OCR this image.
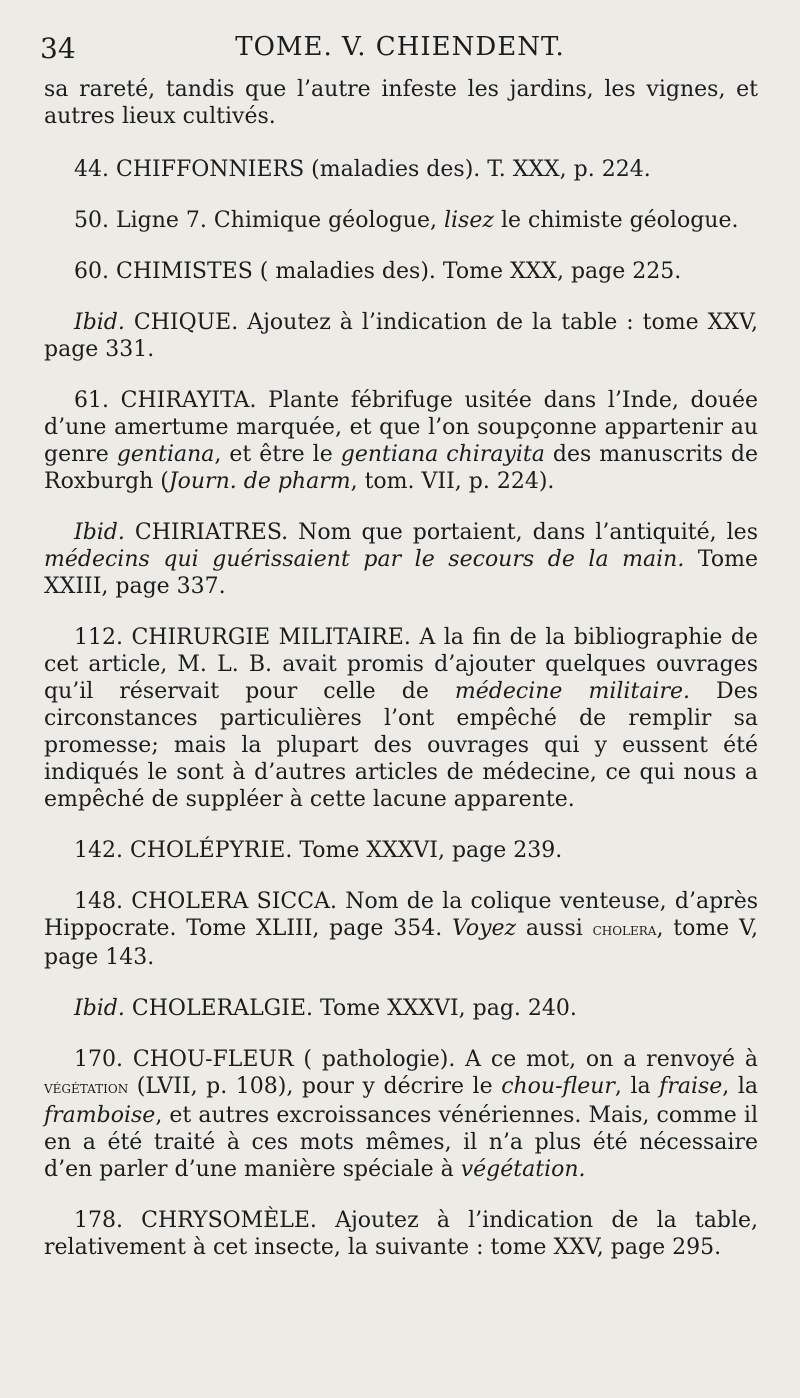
34	TOME. V. CHIENDENT.

sa rareté, tandis que l’autre infeste les jardins, les vignes, et autres lieux cultivés.

44. CHIFFONNIERS (maladies des). T. XXX, p. 224.

50. Ligne 7. Chimique géologue, lisez le chimiste géologue.

60. CHIMISTES ( maladies des). Tome XXX, page 225.

Ibid. CHIQUE. Ajoutez à l’indication de la table : tome XXV, page 331.

61. CHIRAYITA. Plante fébrifuge usitée dans l’Inde, douée d’une amertume marquée, et que l’on soupçonne appartenir au genre gentiana, et être le gentiana chirayita des manuscrits de Roxburgh (Journ. de pharm, tom. VII, p. 224).

Ibid. CHIRIATRES. Nom que portaient, dans l’antiquité, les médecins qui guérissaient par le secours de la main. Tome XXIII, page 337.

112. CHIRURGIE MILITAIRE. A la fin de la bibliographie de cet article, M. L. B. avait promis d’ajouter quelques ouvrages qu’il réservait pour celle de médecine militaire. Des circonstances particulières l’ont empêché de remplir sa promesse; mais la plupart des ouvrages qui y eussent été indiqués le sont à d’autres articles de médecine, ce qui nous a empêché de suppléer à cette lacune apparente.

142. CHOLÉPYRIE. Tome XXXVI, page 239.

148. CHOLERA SICCA. Nom de la colique venteuse, d’après Hippocrate. Tome XLIII, page 354. Voyez aussi cholera, tome V, page 143.

Ibid. CHOLERALGIE. Tome XXXVI, pag. 240.

170. CHOU-FLEUR ( pathologie). A ce mot, on a renvoyé à végétation (LVII, p. 108), pour y décrire le chou-fleur, la fraise, la framboise, et autres excroissances vénériennes. Mais, comme il en a été traité à ces mots mêmes, il n’a plus été nécessaire d’en parler d’une manière spéciale à végétation.

178. CHRYSOMÈLE. Ajoutez à l’indication de la table, relativement à cet insecte, la suivante : tome XXV, page 295.
